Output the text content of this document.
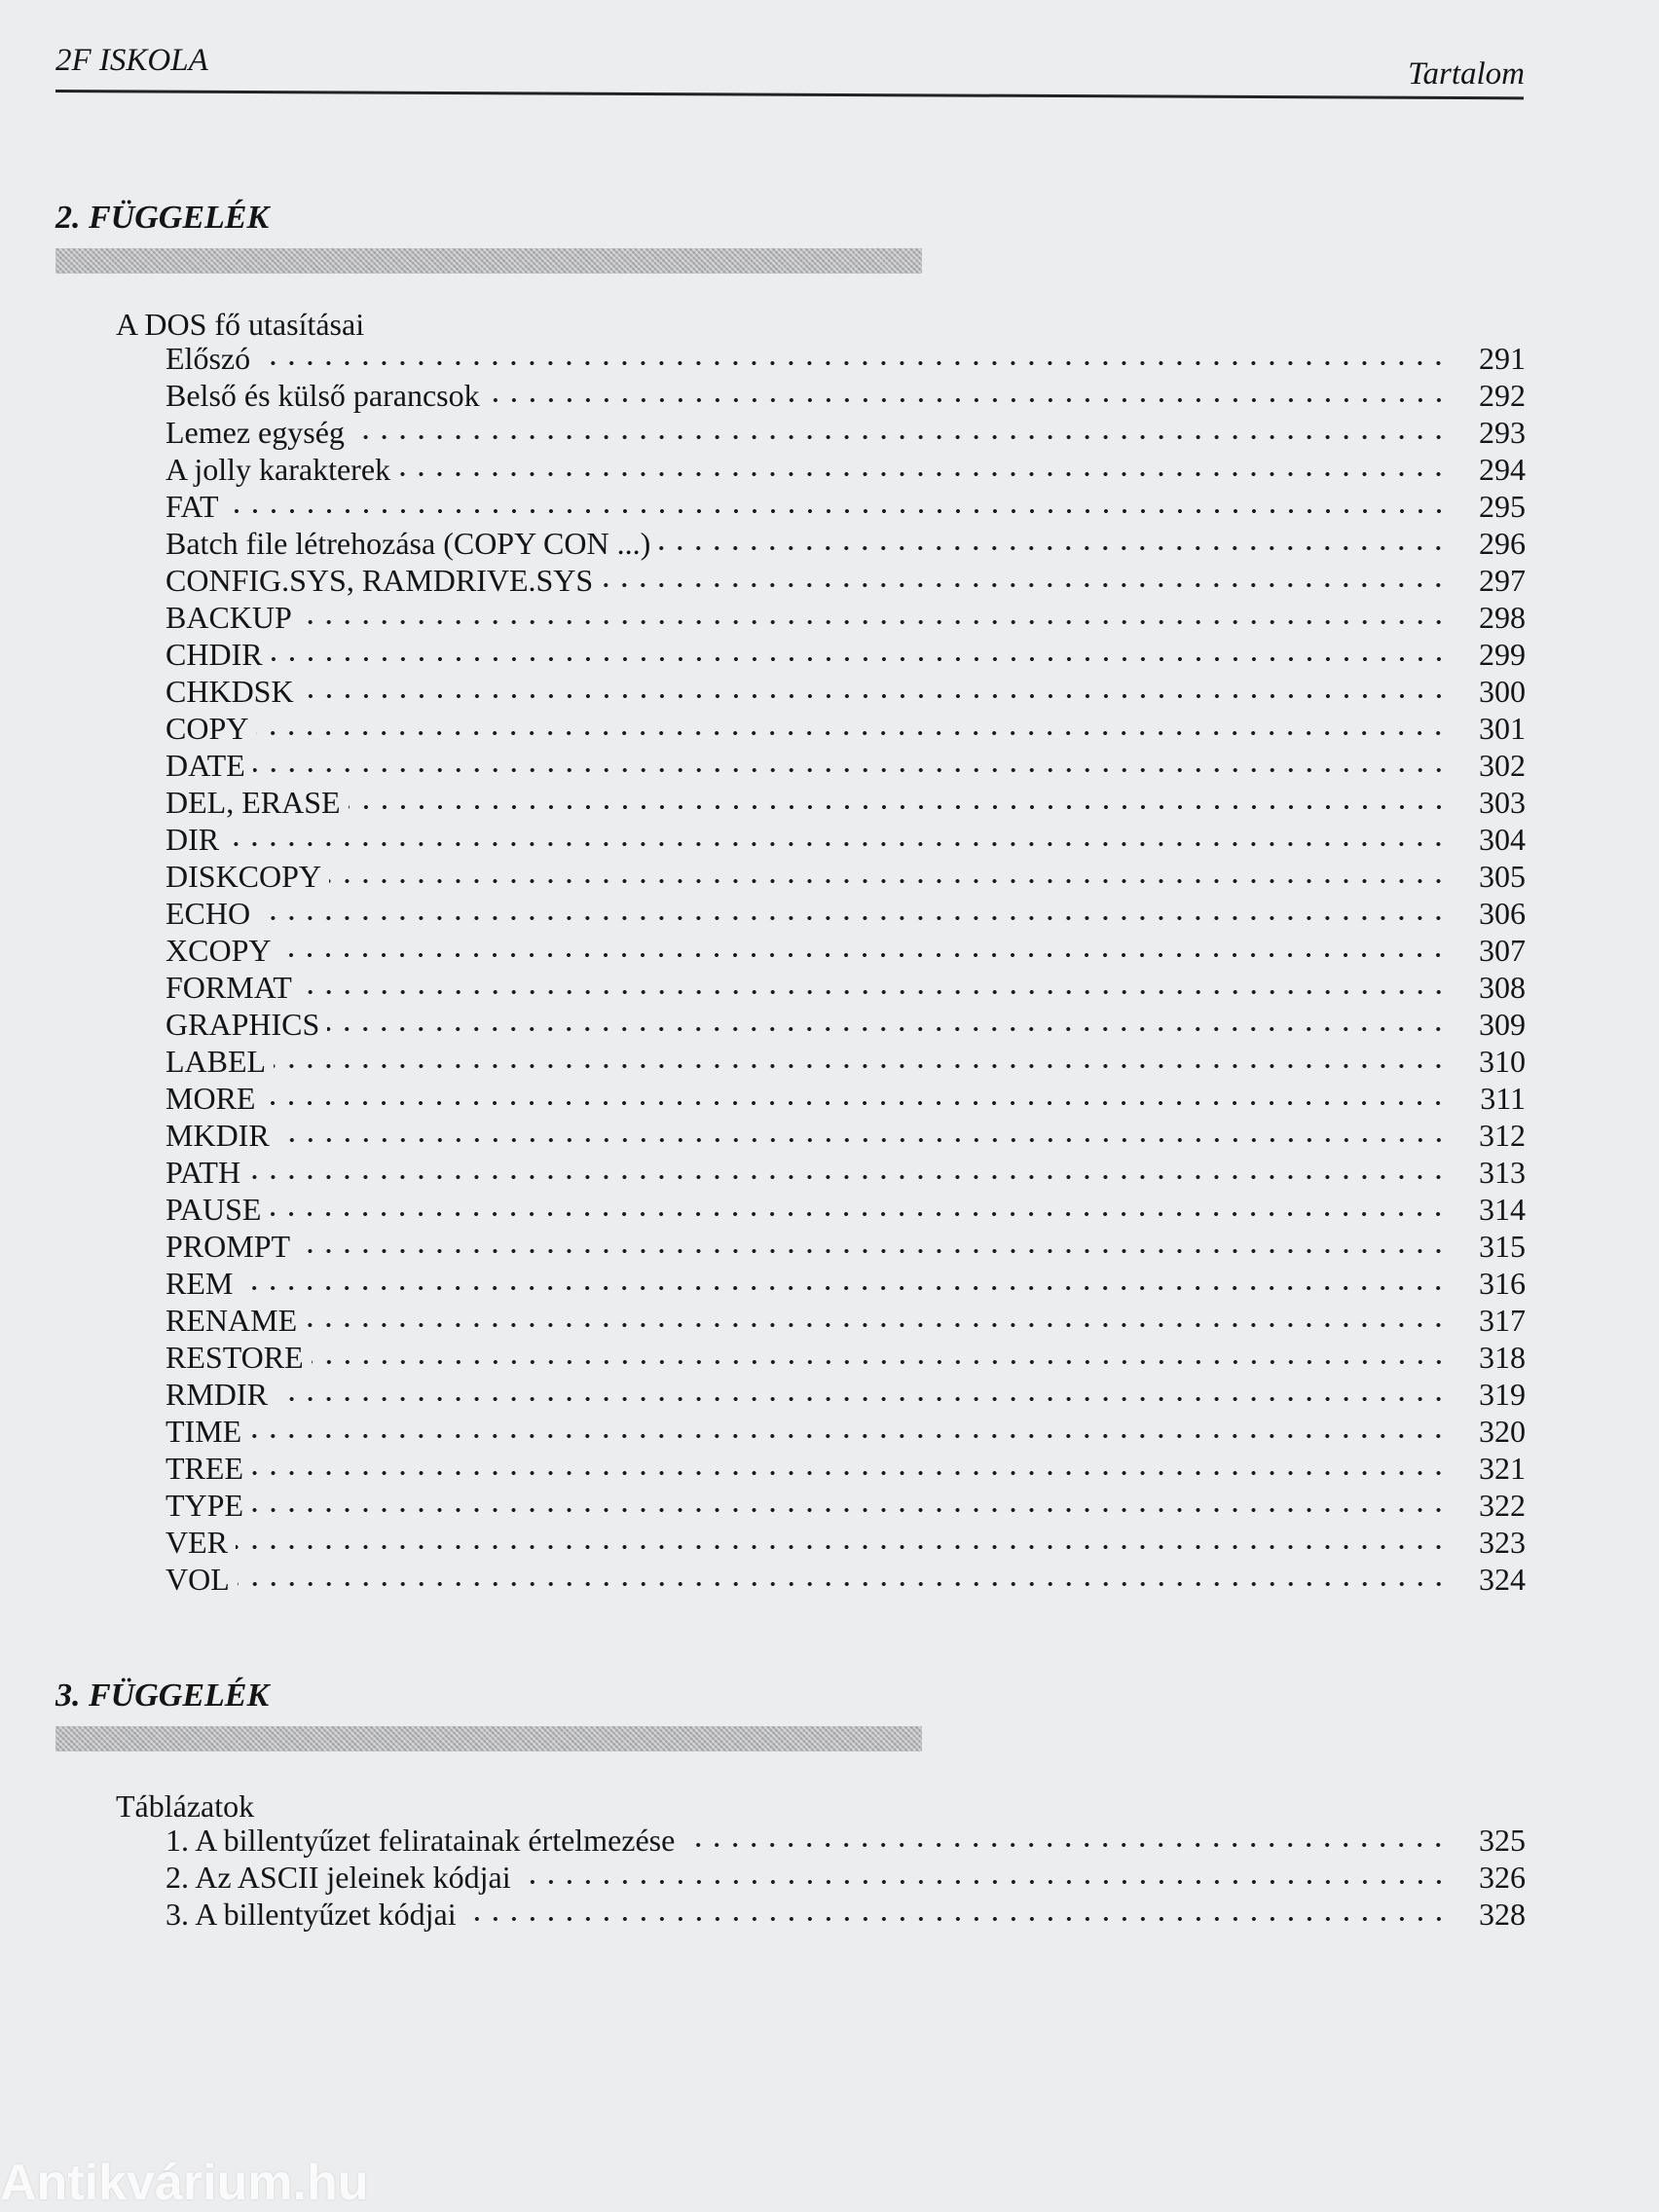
2F ISKOLA	Tartalom
2. FÜGGELÉK
A DOS fő utasításai
Előszó	291
Belső és külső parancsok	292
Lemez egység	293
A jolly karakterek	294
FAT	295
Batch file létrehozása (COPY CON ...)	296
CONFIG.SYS, RAMDRIVE.SYS	297
BACKUP	298
CHDIR	299
CHKDSK	300
COPY	301
DATE	302
DEL, ERASE	303
DIR	304
DISKCOPY	305
ECHO	306
XCOPY	307
FORMAT	308
GRAPHICS	309
LABEL	310
MORE	311
MKDIR	312
PATH	313
PAUSE	314
PROMPT	315
REM	316
RENAME	317
RESTORE	318
RMDIR	319
TIME	320
TREE	321
TYPE	322
VER	323
VOL	324
3. FÜGGELÉK
Táblázatok
1. A billentyűzet feliratainak értelmezése	325
2. Az ASCII jeleinek kódjai	326
3. A billentyűzet kódjai	328
Antikvárium.hu
